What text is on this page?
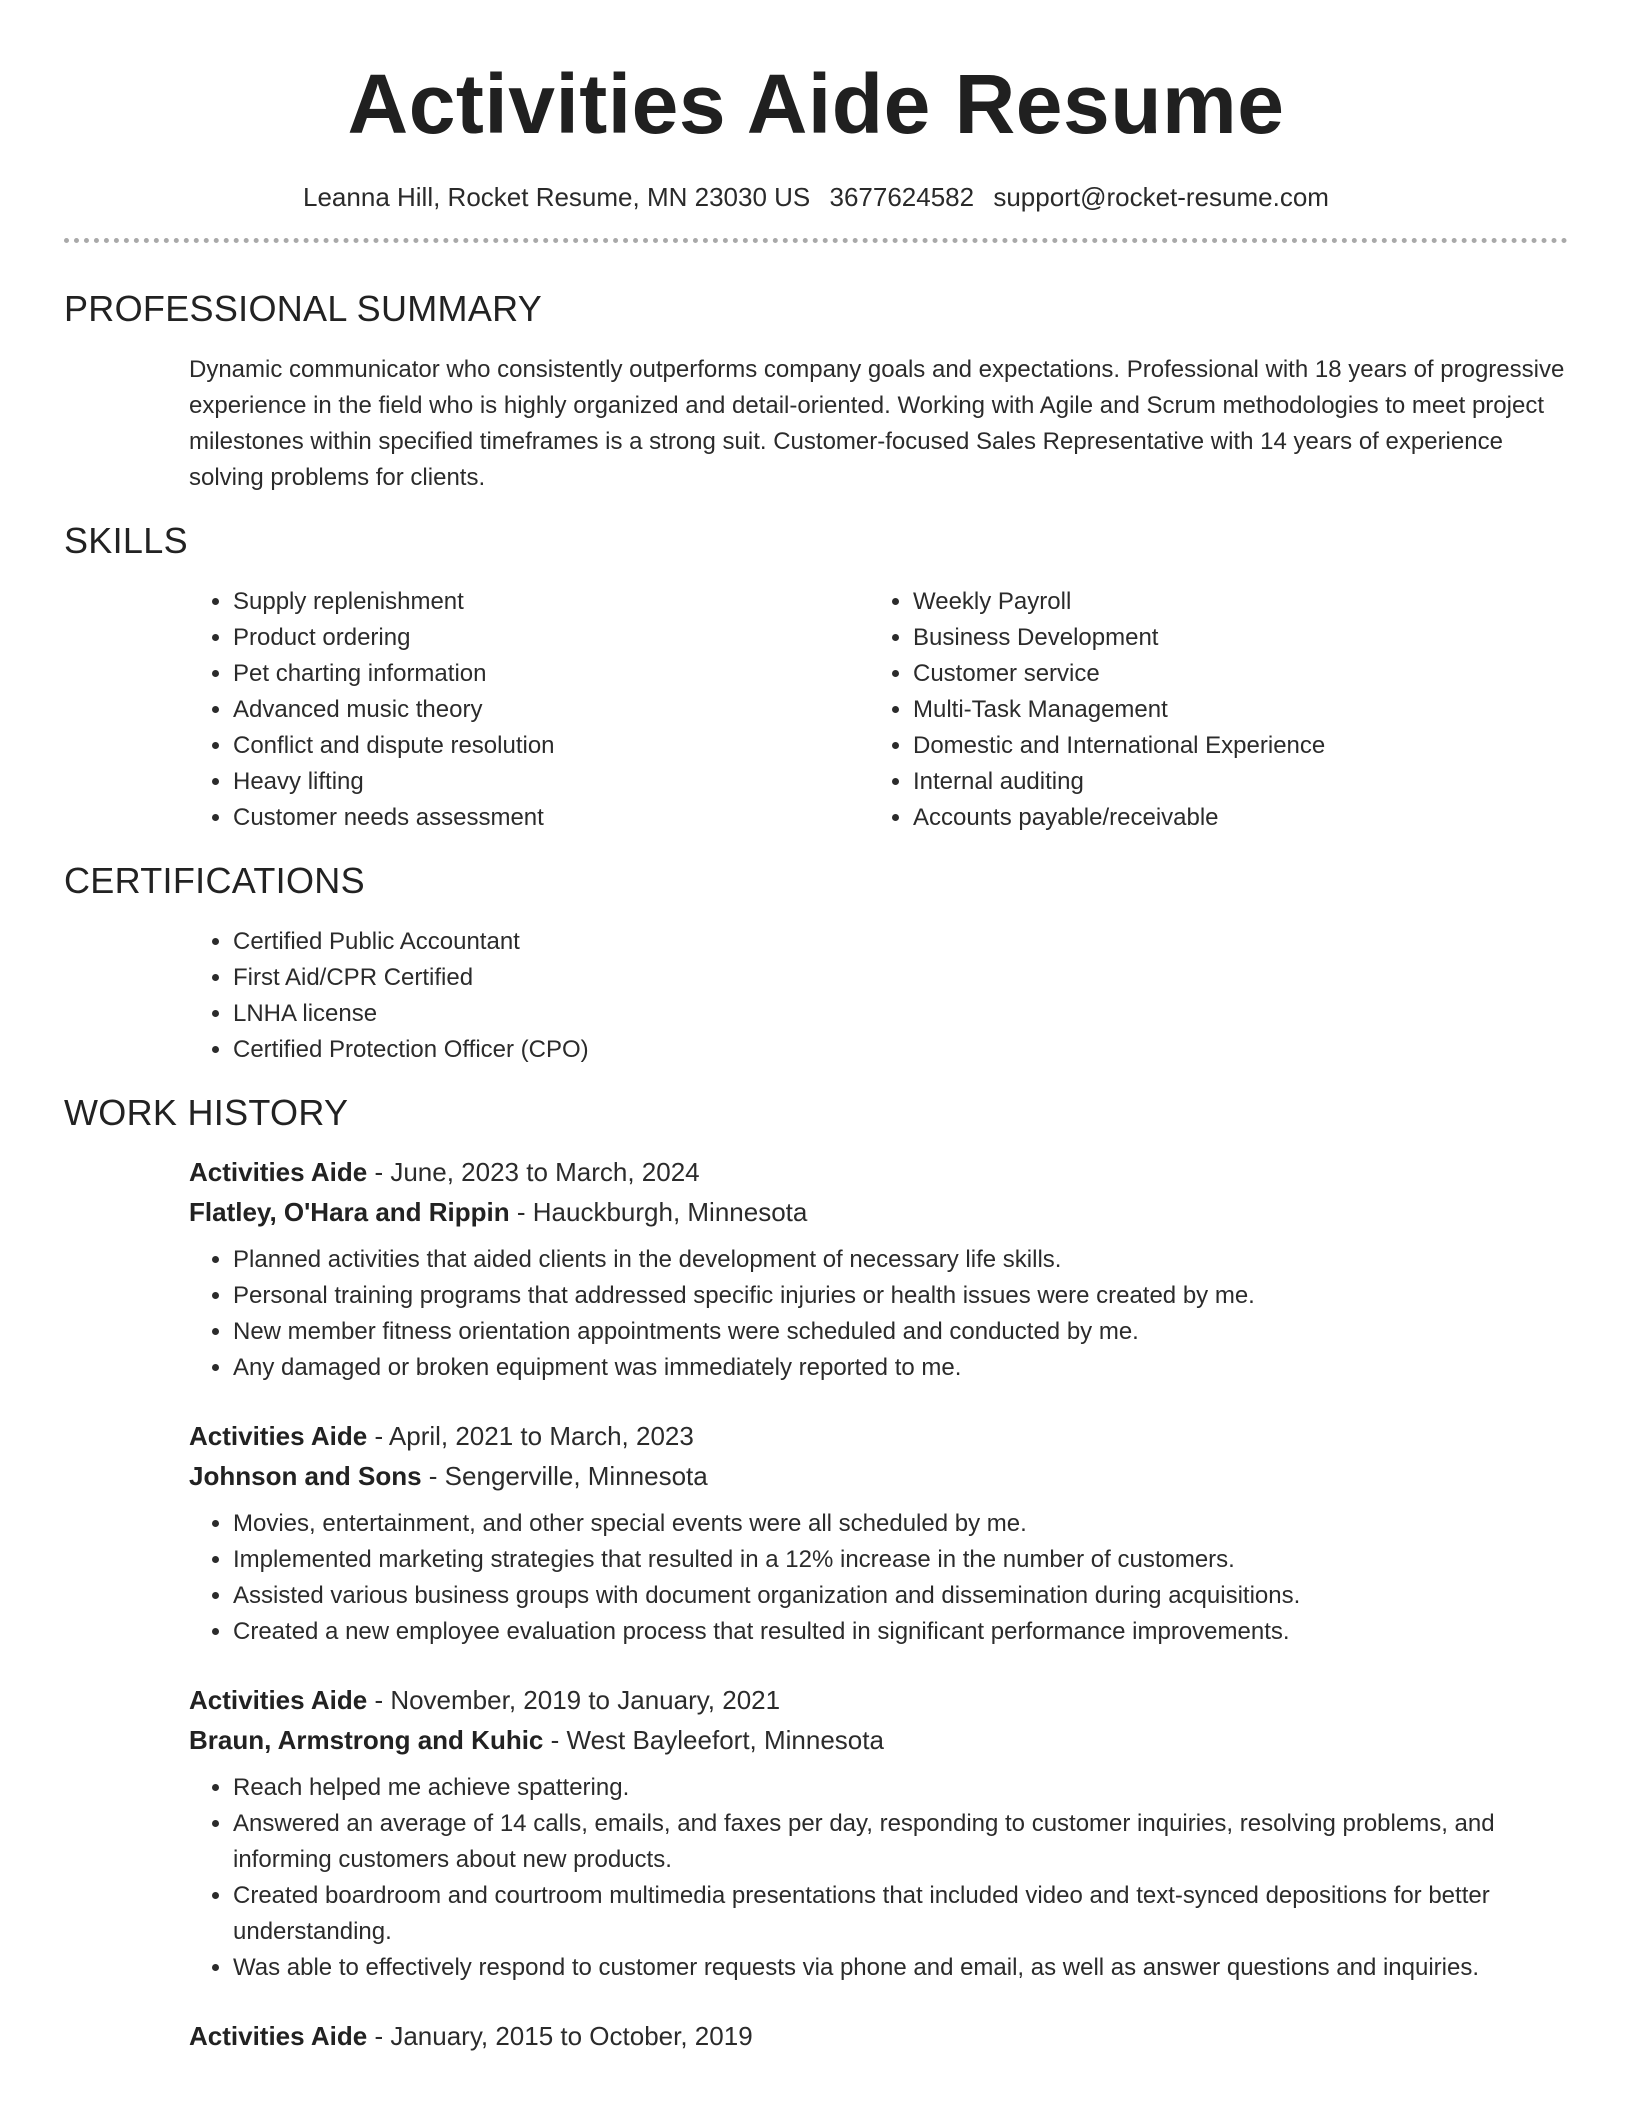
Activities Aide Resume
Leanna Hill, Rocket Resume, MN 23030 US 3677624582 support@rocket-resume.com
PROFESSIONAL SUMMARY
Dynamic communicator who consistently outperforms company goals and expectations. Professional with 18 years of progressive experience in the field who is highly organized and detail-oriented. Working with Agile and Scrum methodologies to meet project milestones within specified timeframes is a strong suit. Customer-focused Sales Representative with 14 years of experience solving problems for clients.
SKILLS
• Supply replenishment
• Product ordering
• Pet charting information
• Advanced music theory
• Conflict and dispute resolution
• Heavy lifting
• Customer needs assessment
• Weekly Payroll
• Business Development
• Customer service
• Multi-Task Management
• Domestic and International Experience
• Internal auditing
• Accounts payable/receivable
CERTIFICATIONS
• Certified Public Accountant
• First Aid/CPR Certified
• LNHA license
• Certified Protection Officer (CPO)
WORK HISTORY
Activities Aide - June, 2023 to March, 2024
Flatley, O'Hara and Rippin - Hauckburgh, Minnesota
• Planned activities that aided clients in the development of necessary life skills.
• Personal training programs that addressed specific injuries or health issues were created by me.
• New member fitness orientation appointments were scheduled and conducted by me.
• Any damaged or broken equipment was immediately reported to me.
Activities Aide - April, 2021 to March, 2023
Johnson and Sons - Sengerville, Minnesota
• Movies, entertainment, and other special events were all scheduled by me.
• Implemented marketing strategies that resulted in a 12% increase in the number of customers.
• Assisted various business groups with document organization and dissemination during acquisitions.
• Created a new employee evaluation process that resulted in significant performance improvements.
Activities Aide - November, 2019 to January, 2021
Braun, Armstrong and Kuhic - West Bayleefort, Minnesota
• Reach helped me achieve spattering.
• Answered an average of 14 calls, emails, and faxes per day, responding to customer inquiries, resolving problems, and informing customers about new products.
• Created boardroom and courtroom multimedia presentations that included video and text-synced depositions for better understanding.
• Was able to effectively respond to customer requests via phone and email, as well as answer questions and inquiries.
Activities Aide - January, 2015 to October, 2019
